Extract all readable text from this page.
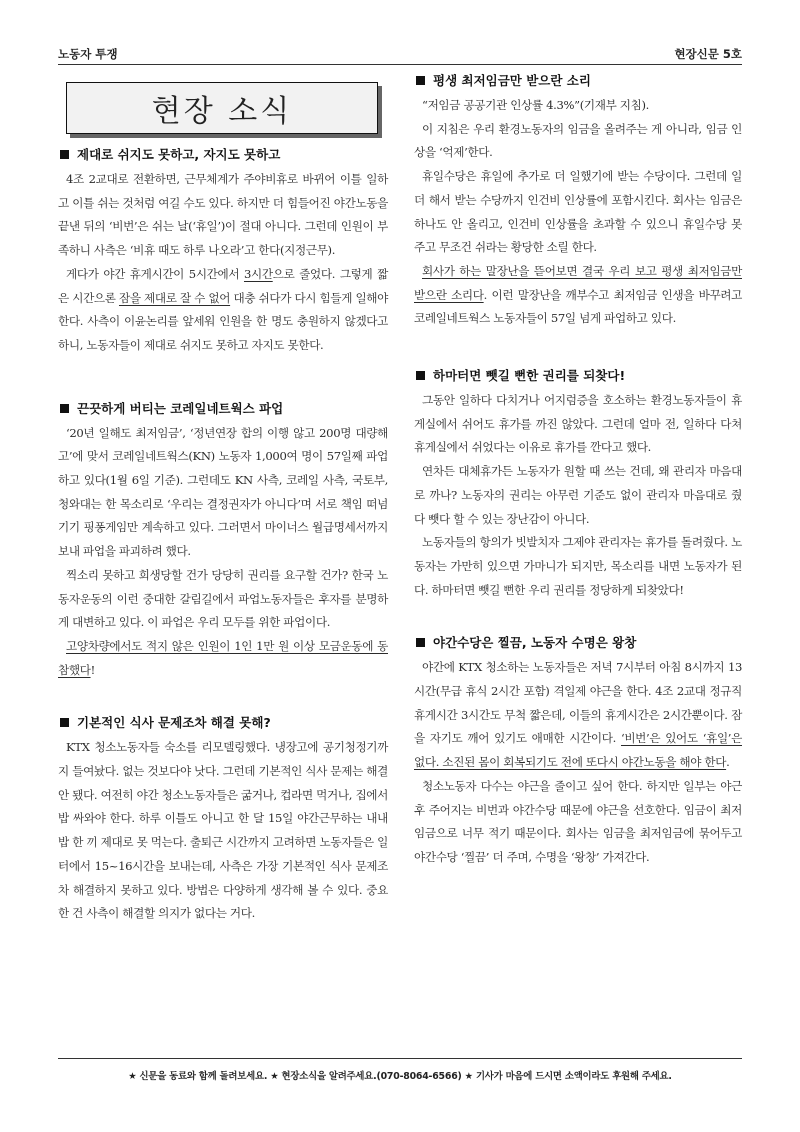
노동자 투쟁	현장신문 5호
현장 소식
제대로 쉬지도 못하고, 자지도 못하고

4조 2교대로 전환하면, 근무체계가 주야비휴로 바뀌어 이틀 일하고 이틀 쉬는 것처럼 여길 수도 있다. 하지만 더 힘들어진 야간노동을 끝낸 뒤의 ‘비번’은 쉬는 날(‘휴일’)이 절대 아니다. 그런데 인원이 부족하니 사측은 ‘비휴 때도 하루 나오라’고 한다(지정근무).

게다가 야간 휴게시간이 5시간에서 3시간으로 줄었다. 그렇게 짧은 시간으론 잠을 제대로 잘 수 없어 대충 쉬다가 다시 힘들게 일해야 한다. 사측이 이윤논리를 앞세워 인원을 한 명도 충원하지 않겠다고 하니, 노동자들이 제대로 쉬지도 못하고 자지도 못한다.

끈끗하게 버티는 코레일네트웍스 파업

‘20년 일해도 최저임금’, ‘정년연장 합의 이행 않고 200명 대량해고’에 맞서 코레일네트웍스(KN) 노동자 1,000여 명이 57일째 파업하고 있다(1월 6일 기준). 그런데도 KN 사측, 코레일 사측, 국토부, 청와대는 한 목소리로 ‘우리는 결정권자가 아니다’며 서로 책임 떠넘기기 핑퐁게임만 계속하고 있다. 그러면서 마이너스 월급명세서까지 보내 파업을 파괴하려 했다.

찍소리 못하고 희생당할 건가 당당히 권리를 요구할 건가? 한국 노동자운동의 이런 중대한 갈림길에서 파업노동자들은 후자를 분명하게 대변하고 있다. 이 파업은 우리 모두를 위한 파업이다.

고양차량에서도 적지 않은 인원이 1인 1만 원 이상 모금운동에 동참했다!

기본적인 식사 문제조차 해결 못해?

KTX 청소노동자들 숙소를 리모델링했다. 냉장고에 공기청정기까지 들여놨다. 없는 것보다야 낫다. 그런데 기본적인 식사 문제는 해결 안 됐다. 여전히 야간 청소노동자들은 굶거나, 컵라면 먹거나, 집에서 밥 싸와야 한다. 하루 이틀도 아니고 한 달 15일 야간근무하는 내내 밥 한 끼 제대로 못 먹는다. 출퇴근 시간까지 고려하면 노동자들은 일터에서 15~16시간을 보내는데, 사측은 가장 기본적인 식사 문제조차 해결하지 못하고 있다. 방법은 다양하게 생각해 볼 수 있다. 중요한 건 사측이 해결할 의지가 없다는 거다.

평생 최저임금만 받으란 소리

“저임금 공공기관 인상률 4.3%”(기재부 지침).

이 지침은 우리 환경노동자의 임금을 올려주는 게 아니라, 임금 인상을 ‘억제’한다.

휴일수당은 휴일에 추가로 더 일했기에 받는 수당이다. 그런데 일 더 해서 받는 수당까지 인건비 인상률에 포함시킨다. 회사는 임금은 하나도 안 올리고, 인건비 인상률을 초과할 수 있으니 휴일수당 못 주고 무조건 쉬라는 황당한 소릴 한다.

회사가 하는 말장난을 뜯어보면 결국 우리 보고 평생 최저임금만 받으란 소리다. 이런 말장난을 깨부수고 최저임금 인생을 바꾸려고 코레일네트웍스 노동자들이 57일 넘게 파업하고 있다.

하마터면 뺏길 뻔한 권리를 되찾다!

그동안 일하다 다치거나 어지럼증을 호소하는 환경노동자들이 휴게실에서 쉬어도 휴가를 까진 않았다. 그런데 얼마 전, 일하다 다쳐 휴게실에서 쉬었다는 이유로 휴가를 깐다고 했다.

연차든 대체휴가든 노동자가 원할 때 쓰는 건데, 왜 관리자 마음대로 까나? 노동자의 권리는 아무런 기준도 없이 관리자 마음대로 줬다 뺏다 할 수 있는 장난감이 아니다.

노동자들의 항의가 빗발치자 그제야 관리자는 휴가를 돌려줬다. 노동자는 가만히 있으면 가마니가 되지만, 목소리를 내면 노동자가 된다. 하마터면 뺏길 뻔한 우리 권리를 정당하게 되찾았다!

야간수당은 찔끔, 노동자 수명은 왕창

야간에 KTX 청소하는 노동자들은 저녁 7시부터 아침 8시까지 13시간(무급 휴식 2시간 포함) 격일제 야근을 한다. 4조 2교대 정규직 휴게시간 3시간도 무척 짧은데, 이들의 휴게시간은 2시간뿐이다. 잠을 자기도 깨어 있기도 애매한 시간이다. ‘비번’은 있어도 ‘휴일’은 없다. 소진된 몸이 회복되기도 전에 또다시 야간노동을 해야 한다.

청소노동자 다수는 야근을 줄이고 싶어 한다. 하지만 일부는 야근 후 주어지는 비번과 야간수당 때문에 야근을 선호한다. 임금이 최저임금으로 너무 적기 때문이다. 회사는 임금을 최저임금에 묶어두고 야간수당 ‘찔끔’ 더 주며, 수명을 ‘왕창’ 가져간다.

★ 신문을 동료와 함께 돌려보세요. ★ 현장소식을 알려주세요.(070-8064-6566) ★ 기사가 마음에 드시면 소액이라도 후원해 주세요.
